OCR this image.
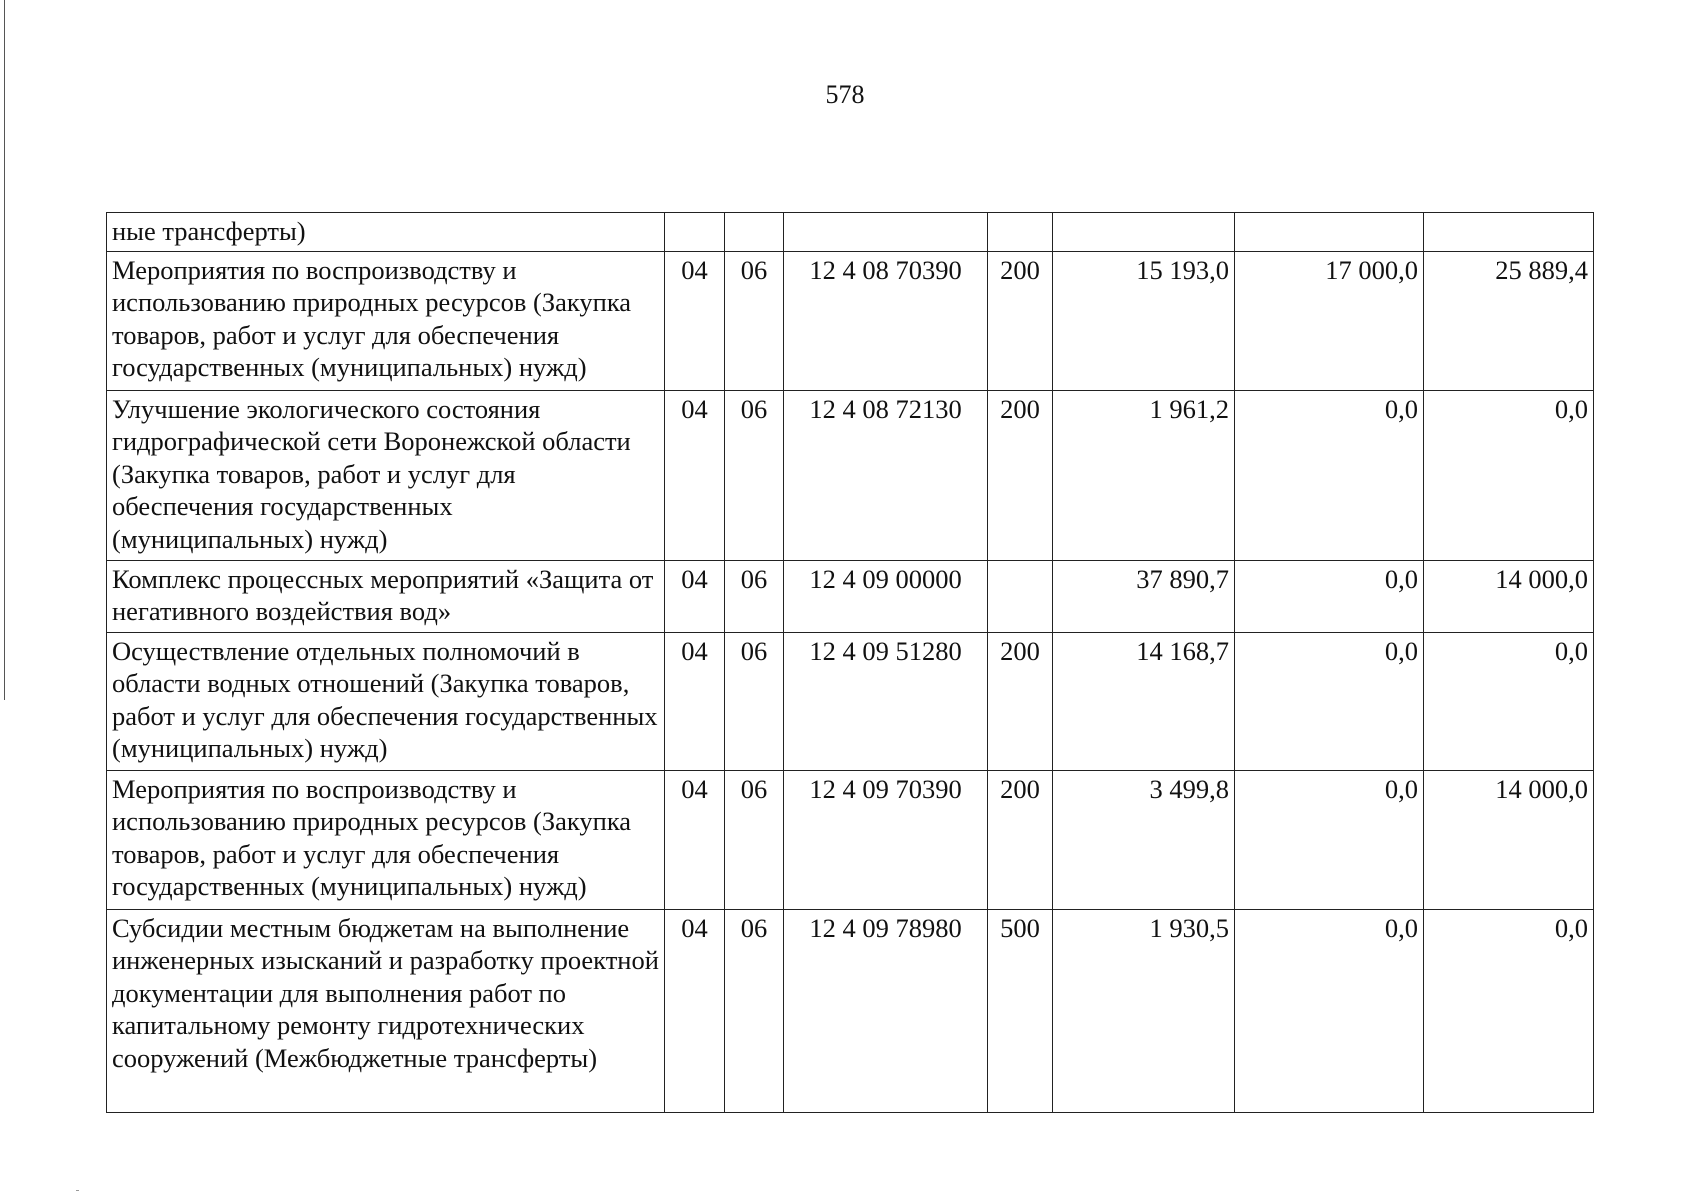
578
ные трансферты)							
Мероприятия по воспроизводству и использованию природных ресурсов (Закупка товаров, работ и услуг для обеспечения государственных (муниципальных) нужд)	04	06	12 4 08 70390	200	15 193,0	17 000,0	25 889,4
Улучшение экологического состояния гидрографической сети Воронежской области (Закупка товаров, работ и услуг для обеспечения государственных (муниципальных) нужд)	04	06	12 4 08 72130	200	1 961,2	0,0	0,0
Комплекс процессных мероприятий «Защита от негативного воздействия вод»	04	06	12 4 09 00000		37 890,7	0,0	14 000,0
Осуществление отдельных полномочий в области водных отношений (Закупка товаров, работ и услуг для обеспечения государственных (муниципальных) нужд)	04	06	12 4 09 51280	200	14 168,7	0,0	0,0
Мероприятия по воспроизводству и использованию природных ресурсов (Закупка товаров, работ и услуг для обеспечения государственных (муниципальных) нужд)	04	06	12 4 09 70390	200	3 499,8	0,0	14 000,0
Субсидии местным бюджетам на выполнение инженерных изысканий и разработку проектной документации для выполнения работ по капитальному ремонту гидротехнических сооружений (Межбюджетные трансферты)	04	06	12 4 09 78980	500	1 930,5	0,0	0,0
